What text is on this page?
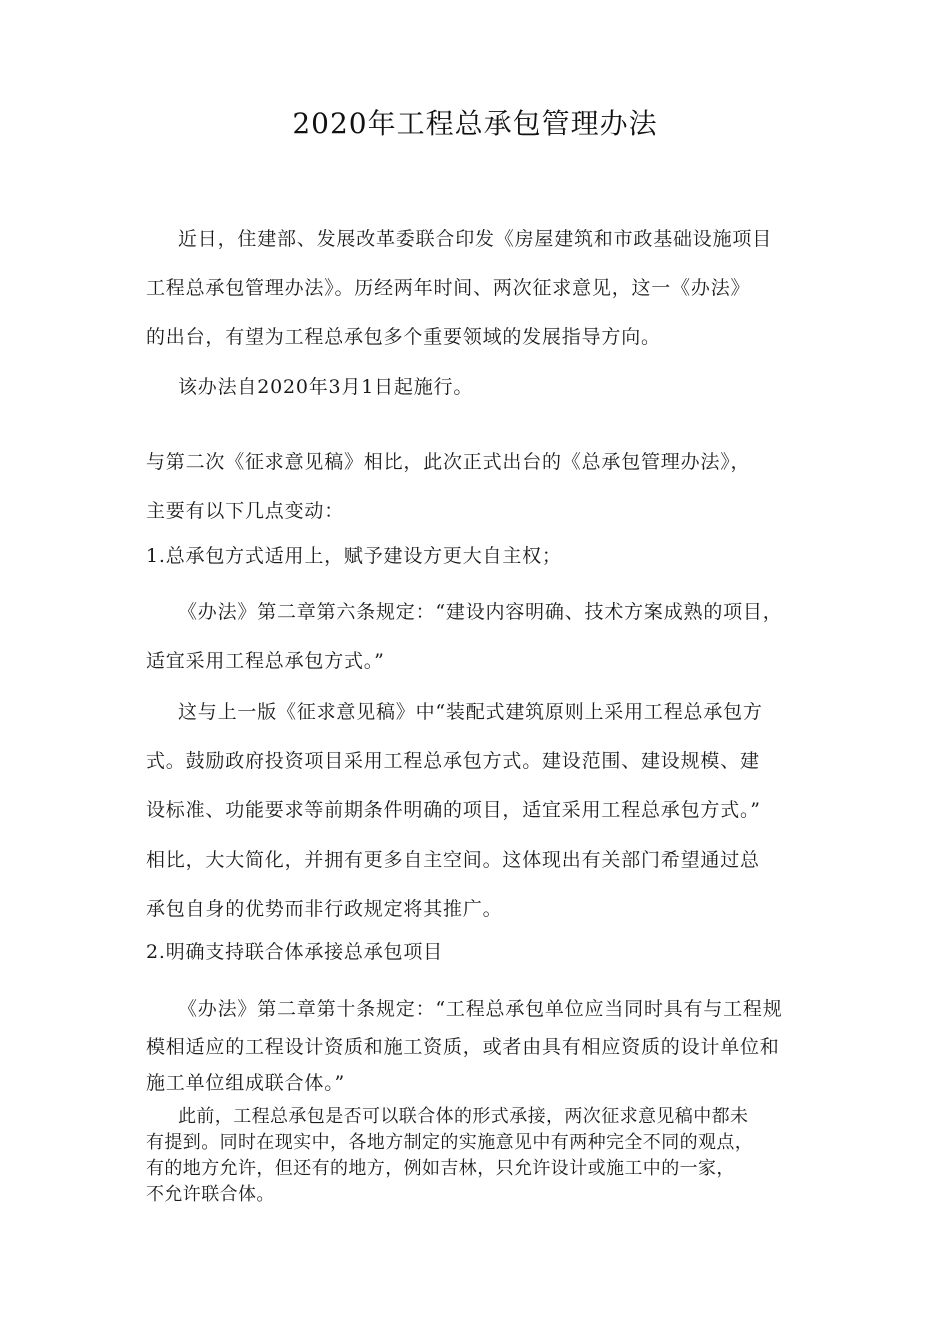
2020年工程总承包管理办法
近日，住建部、发展改革委联合印发《房屋建筑和市政基础设施项目
工程总承包管理办法》。历经两年时间、两次征求意见，这一《办法》
的出台，有望为工程总承包多个重要领域的发展指导方向。
该办法自2020年3月1日起施行。
与第二次《征求意见稿》相比，此次正式出台的《总承包管理办法》，
主要有以下几点变动：
1.总承包方式适用上，赋予建设方更大自主权；
《办法》第二章第六条规定：“建设内容明确、技术方案成熟的项目，
适宜采用工程总承包方式。”
这与上一版《征求意见稿》中“装配式建筑原则上采用工程总承包方
式。鼓励政府投资项目采用工程总承包方式。建设范围、建设规模、建
设标准、功能要求等前期条件明确的项目，适宜采用工程总承包方式。”
相比，大大简化，并拥有更多自主空间。这体现出有关部门希望通过总
承包自身的优势而非行政规定将其推广。
2.明确支持联合体承接总承包项目
《办法》第二章第十条规定：“工程总承包单位应当同时具有与工程规
模相适应的工程设计资质和施工资质，或者由具有相应资质的设计单位和
施工单位组成联合体。”
此前，工程总承包是否可以联合体的形式承接，两次征求意见稿中都未
有提到。同时在现实中，各地方制定的实施意见中有两种完全不同的观点，
有的地方允许，但还有的地方，例如吉林，只允许设计或施工中的一家，
不允许联合体。
